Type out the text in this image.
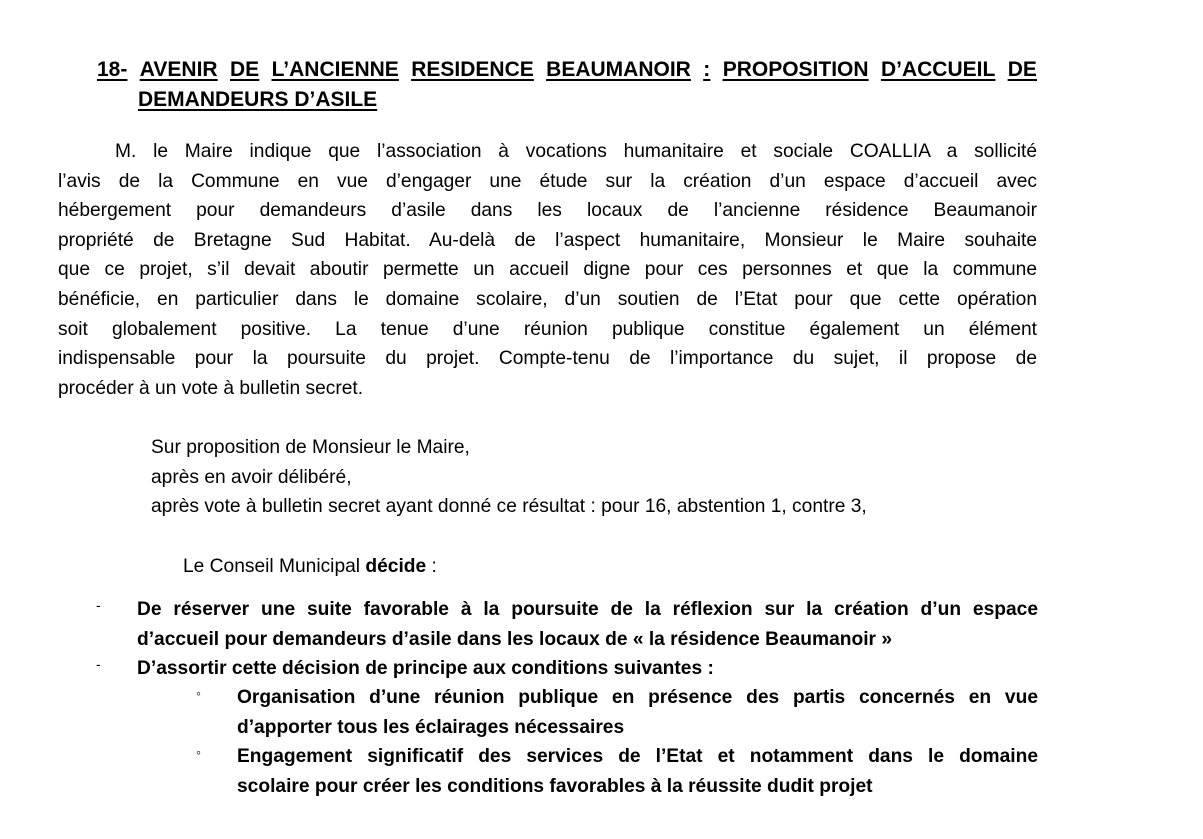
18- AVENIR DE L’ANCIENNE RESIDENCE BEAUMANOIR : PROPOSITION D’ACCUEIL DE
DEMANDEURS D’ASILE
M. le Maire indique que l’association à vocations humanitaire et sociale COALLIA a sollicité
l’avis de la Commune en vue d’engager une étude sur la création d’un espace d’accueil avec
hébergement pour demandeurs d’asile dans les locaux de l’ancienne résidence Beaumanoir
propriété de Bretagne Sud Habitat. Au-delà de l’aspect humanitaire, Monsieur le Maire souhaite
que ce projet, s’il devait aboutir permette un accueil digne pour ces personnes et que la commune
bénéficie, en particulier dans le domaine scolaire, d’un soutien de l’Etat pour que cette opération
soit globalement positive. La tenue d’une réunion publique constitue également un élément
indispensable pour la poursuite du projet. Compte-tenu de l’importance du sujet, il propose de
procéder à un vote à bulletin secret.
Sur proposition de Monsieur le Maire,
après en avoir délibéré,
après vote à bulletin secret ayant donné ce résultat : pour 16, abstention 1, contre 3,
Le Conseil Municipal décide :
- De réserver une suite favorable à la poursuite de la réflexion sur la création d’un espace
d’accueil pour demandeurs d’asile dans les locaux de « la résidence Beaumanoir »
- D’assortir cette décision de principe aux conditions suivantes :
◦ Organisation d’une réunion publique en présence des partis concernés en vue
d’apporter tous les éclairages nécessaires
◦ Engagement significatif des services de l’Etat et notamment dans le domaine
scolaire pour créer les conditions favorables à la réussite dudit projet
